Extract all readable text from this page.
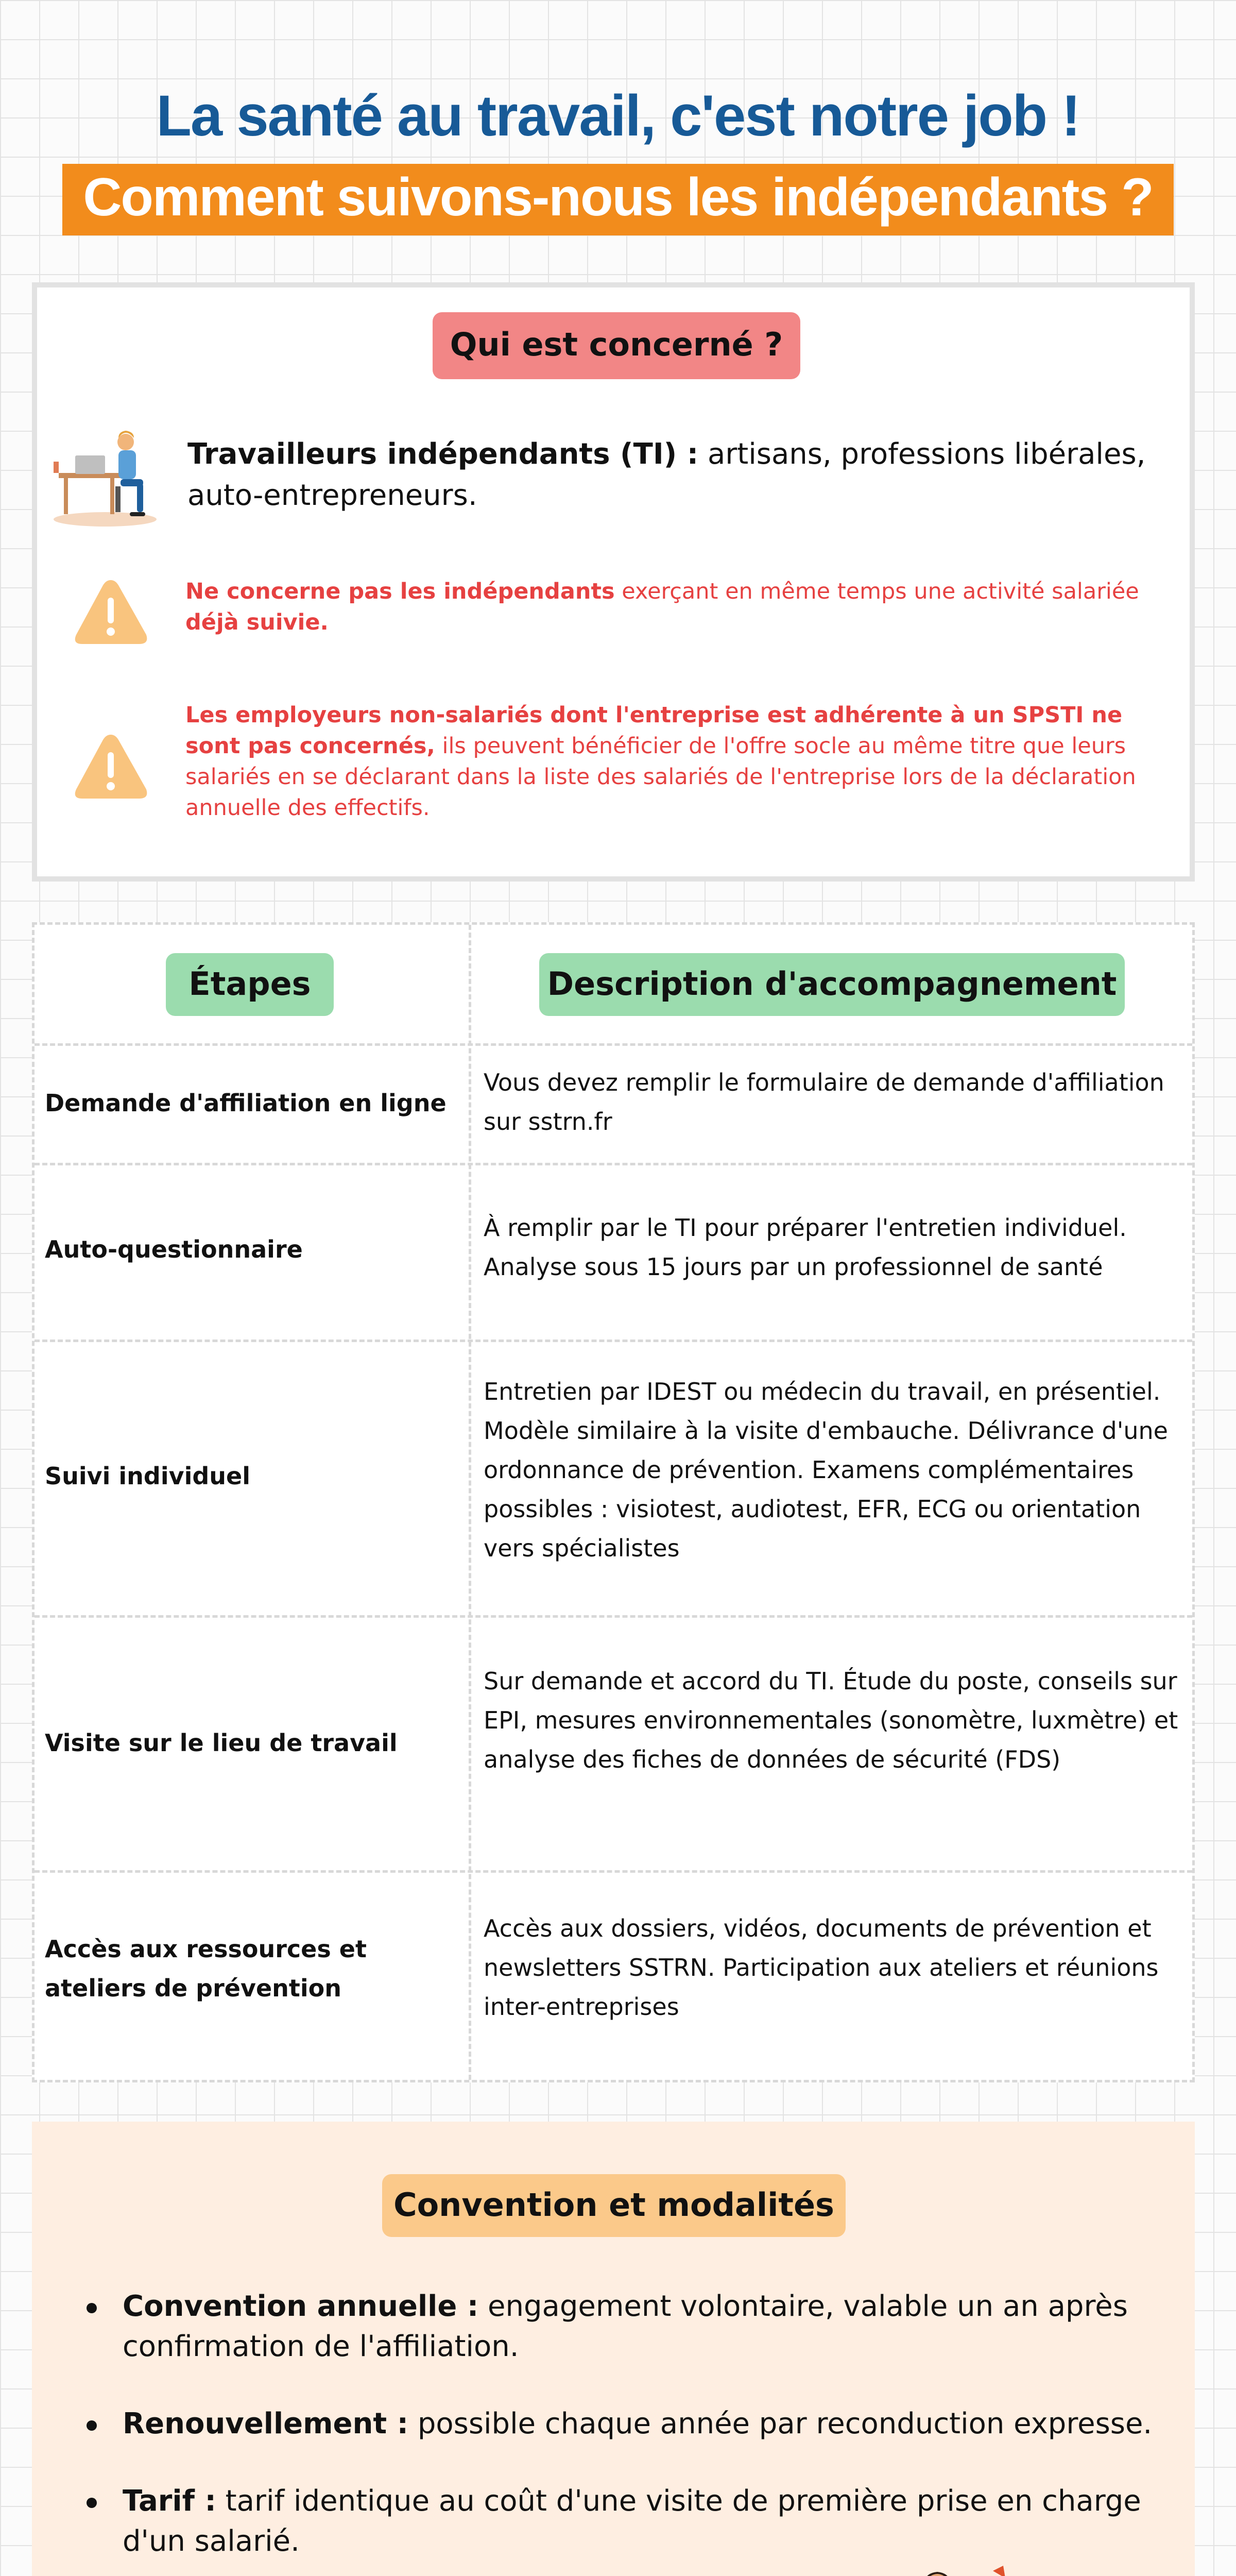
La santé au travail, c'est notre job !
Comment suivons-nous les indépendants ?
Qui est concerné ?
Travailleurs indépendants (TI) : artisans, professions libérales, auto-entrepreneurs.
Ne concerne pas les indépendants exerçant en même temps une activité salariée déjà suivie.
Les employeurs non-salariés dont l'entreprise est adhérente à un SPSTI ne sont pas concernés, ils peuvent bénéficier de l'offre socle au même titre que leurs salariés en se déclarant dans la liste des salariés de l'entreprise lors de la déclaration annuelle des effectifs.
Étapes	Description d'accompagnement
Demande d'affiliation en ligne
Vous devez remplir le formulaire de demande d'affiliation sur sstrn.fr
Auto-questionnaire
À remplir par le TI pour préparer l'entretien individuel. Analyse sous 15 jours par un professionnel de santé
Suivi individuel
Entretien par IDEST ou médecin du travail, en présentiel. Modèle similaire à la visite d'embauche. Délivrance d'une ordonnance de prévention. Examens complémentaires possibles : visiotest, audiotest, EFR, ECG ou orientation vers spécialistes
Visite sur le lieu de travail
Sur demande et accord du TI. Étude du poste, conseils sur EPI, mesures environnementales (sonomètre, luxmètre) et analyse des fiches de données de sécurité (FDS)
Accès aux ressources et ateliers de prévention
Accès aux dossiers, vidéos, documents de prévention et newsletters SSTRN. Participation aux ateliers et réunions inter-entreprises
Convention et modalités
Convention annuelle : engagement volontaire, valable un an après confirmation de l'affiliation.
Renouvellement : possible chaque année par reconduction expresse.
Tarif : tarif identique au coût d'une visite de première prise en charge d'un salarié.
